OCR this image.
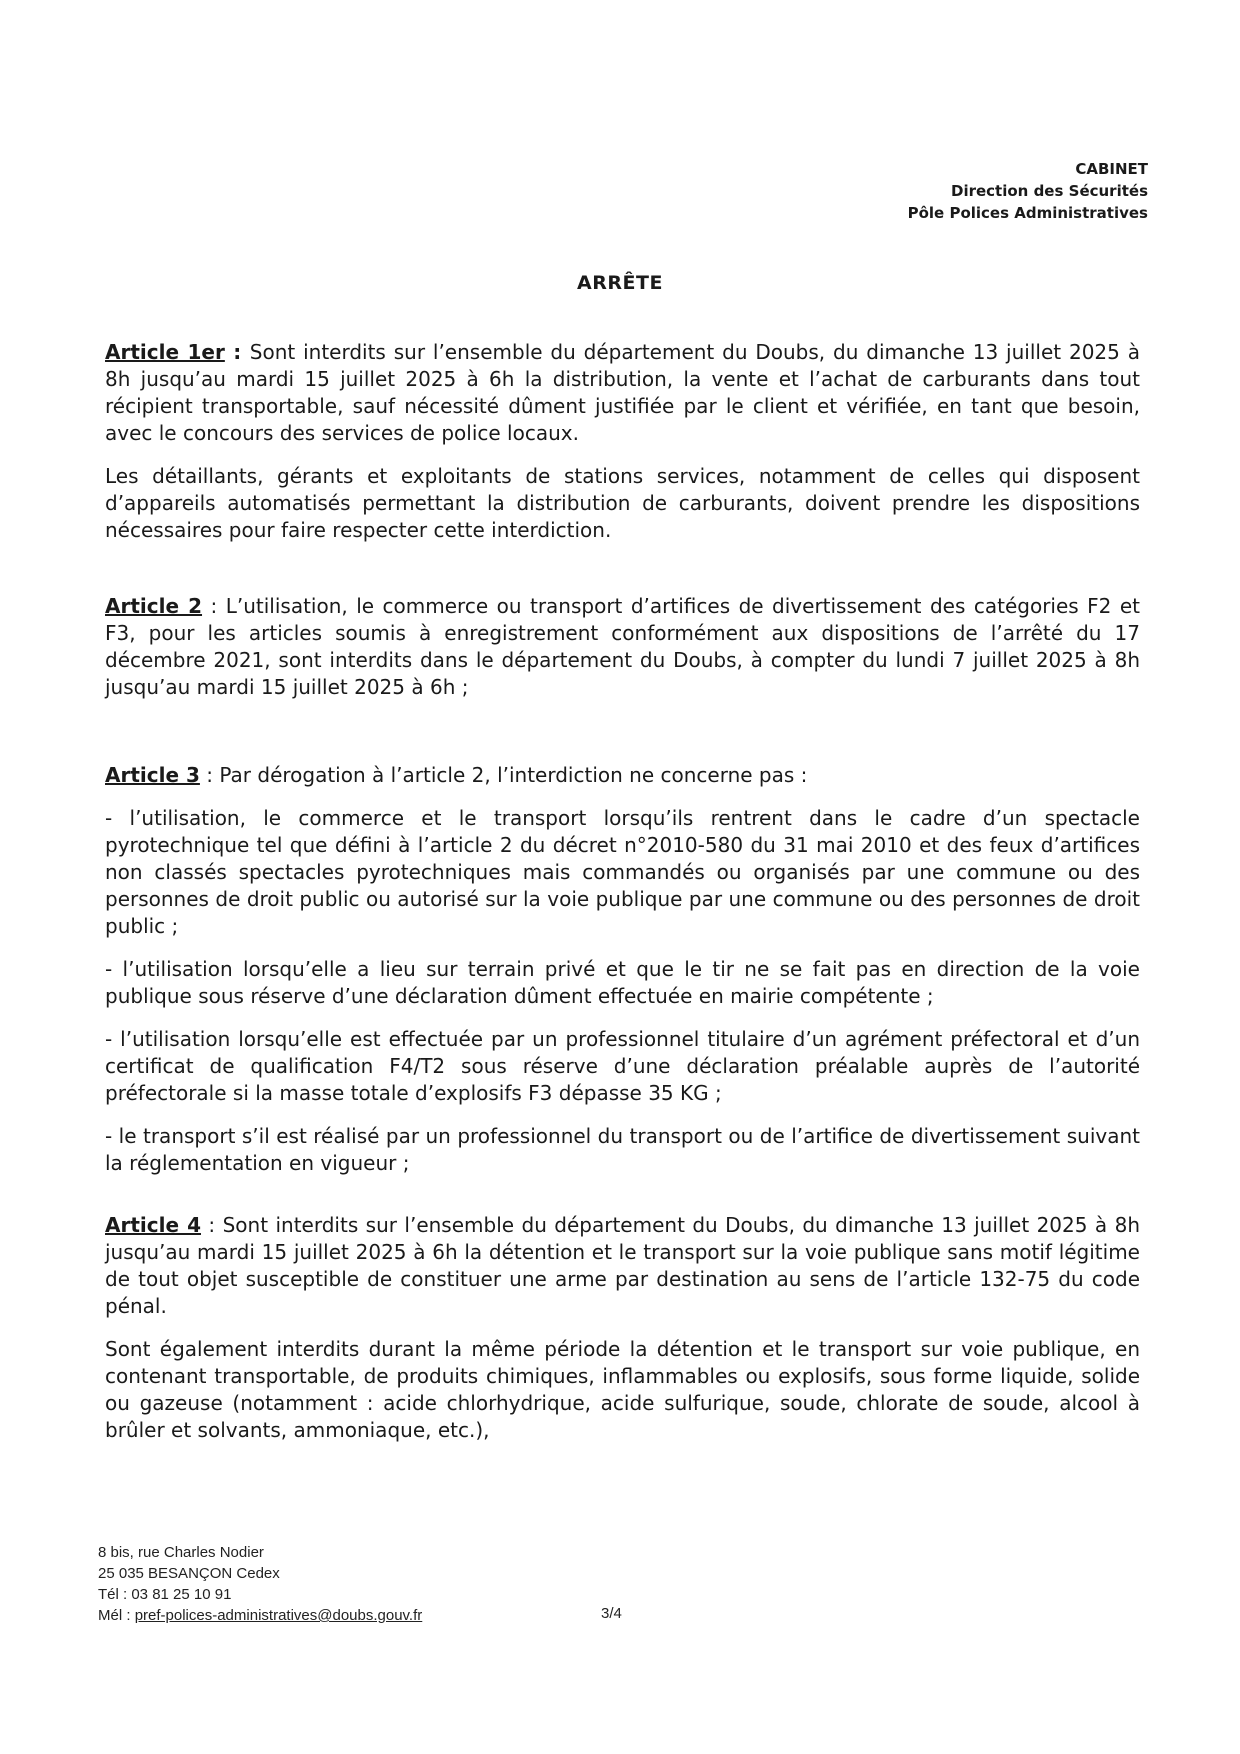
CABINET
Direction des Sécurités
Pôle Polices Administratives
ARRÊTE

Article 1er : Sont interdits sur l’ensemble du département du Doubs, du dimanche 13 juillet 2025 à 8h jusqu’au mardi 15 juillet 2025 à 6h la distribution, la vente et l’achat de carburants dans tout récipient transportable, sauf nécessité dûment justifiée par le client et vérifiée, en tant que besoin, avec le concours des services de police locaux.

Les détaillants, gérants et exploitants de stations services, notamment de celles qui disposent d’appareils automatisés permettant la distribution de carburants, doivent prendre les dispositions nécessaires pour faire respecter cette interdiction.

Article 2 : L’utilisation, le commerce ou transport d’artifices de divertissement des catégories F2 et F3, pour les articles soumis à enregistrement conformément aux dispositions de l’arrêté du 17 décembre 2021, sont interdits dans le département du Doubs, à compter du lundi 7 juillet 2025 à 8h jusqu’au mardi 15 juillet 2025 à 6h ;

Article 3 : Par dérogation à l’article 2, l’interdiction ne concerne pas :

- l’utilisation, le commerce et le transport lorsqu’ils rentrent dans le cadre d’un spectacle pyrotechnique tel que défini à l’article 2 du décret n°2010-580 du 31 mai 2010 et des feux d’artifices non classés spectacles pyrotechniques mais commandés ou organisés par une commune ou des personnes de droit public ou autorisé sur la voie publique par une commune ou des personnes de droit public ;

- l’utilisation lorsqu’elle a lieu sur terrain privé et que le tir ne se fait pas en direction de la voie publique sous réserve d’une déclaration dûment effectuée en mairie compétente ;

- l’utilisation lorsqu’elle est effectuée par un professionnel titulaire d’un agrément préfectoral et d’un certificat de qualification F4/T2 sous réserve d’une déclaration préalable auprès de l’autorité préfectorale si la masse totale d’explosifs F3 dépasse 35 KG ;

- le transport s’il est réalisé par un professionnel du transport ou de l’artifice de divertissement suivant la réglementation en vigueur ;

Article 4 : Sont interdits sur l’ensemble du département du Doubs, du dimanche 13 juillet 2025 à 8h jusqu’au mardi 15 juillet 2025 à 6h la détention et le transport sur la voie publique sans motif légitime de tout objet susceptible de constituer une arme par destination au sens de l’article 132-75 du code pénal.

Sont également interdits durant la même période la détention et le transport sur voie publique, en contenant transportable, de produits chimiques, inflammables ou explosifs, sous forme liquide, solide ou gazeuse (notamment : acide chlorhydrique, acide sulfurique, soude, chlorate de soude, alcool à brûler et solvants, ammoniaque, etc.),

8 bis, rue Charles Nodier
25 035 BESANÇON Cedex
Tél : 03 81 25 10 91
Mél : pref-polices-administratives@doubs.gouv.fr	3/4
